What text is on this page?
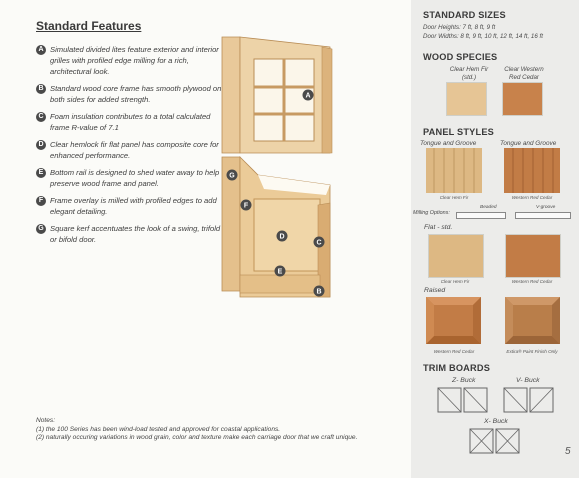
Standard Features
A Simulated divided lites feature exterior and interior grilles with profiled edge milling for a rich, architectural look.
B Standard wood core frame has smooth plywood on both sides for added strength.
C Foam insulation contributes to a total calculated frame R-value of 7.1
D Clear hemlock fir flat panel has composite core for enhanced performance.
E Bottom rail is designed to shed water away to help preserve wood frame and panel.
F Frame overlay is milled with profiled edges to add elegant detailing.
G Square kerf accentuates the look of a swing, trifold or bifold door.
A
G
F
D
C
E
B
Notes:
(1) the 100 Series has been wind-load tested and approved for coastal applications.
(2) naturally occuring variations in wood grain, color and texture make each carriage door that we craft unique.
STANDARD SIZES
Door Heights: 7 ft, 8 ft, 9 ft
Door Widths: 8 ft, 9 ft, 10 ft, 12 ft, 14 ft, 16 ft
WOOD SPECIES
Clear Hem Fir
(std.)
Clear Western
Red Cedar
PANEL STYLES
Tongue and Groove	Tongue and Groove
Clear Hem Fir	Western Red Cedar
Milling Options:
Beaded	V-groove
Flat - std.
Clear Hem Fir	Western Red Cedar
Raised
Western Red Cedar	Extira® Paint Finish Only
TRIM BOARDS
Z- Buck	V- Buck
X- Buck
5
